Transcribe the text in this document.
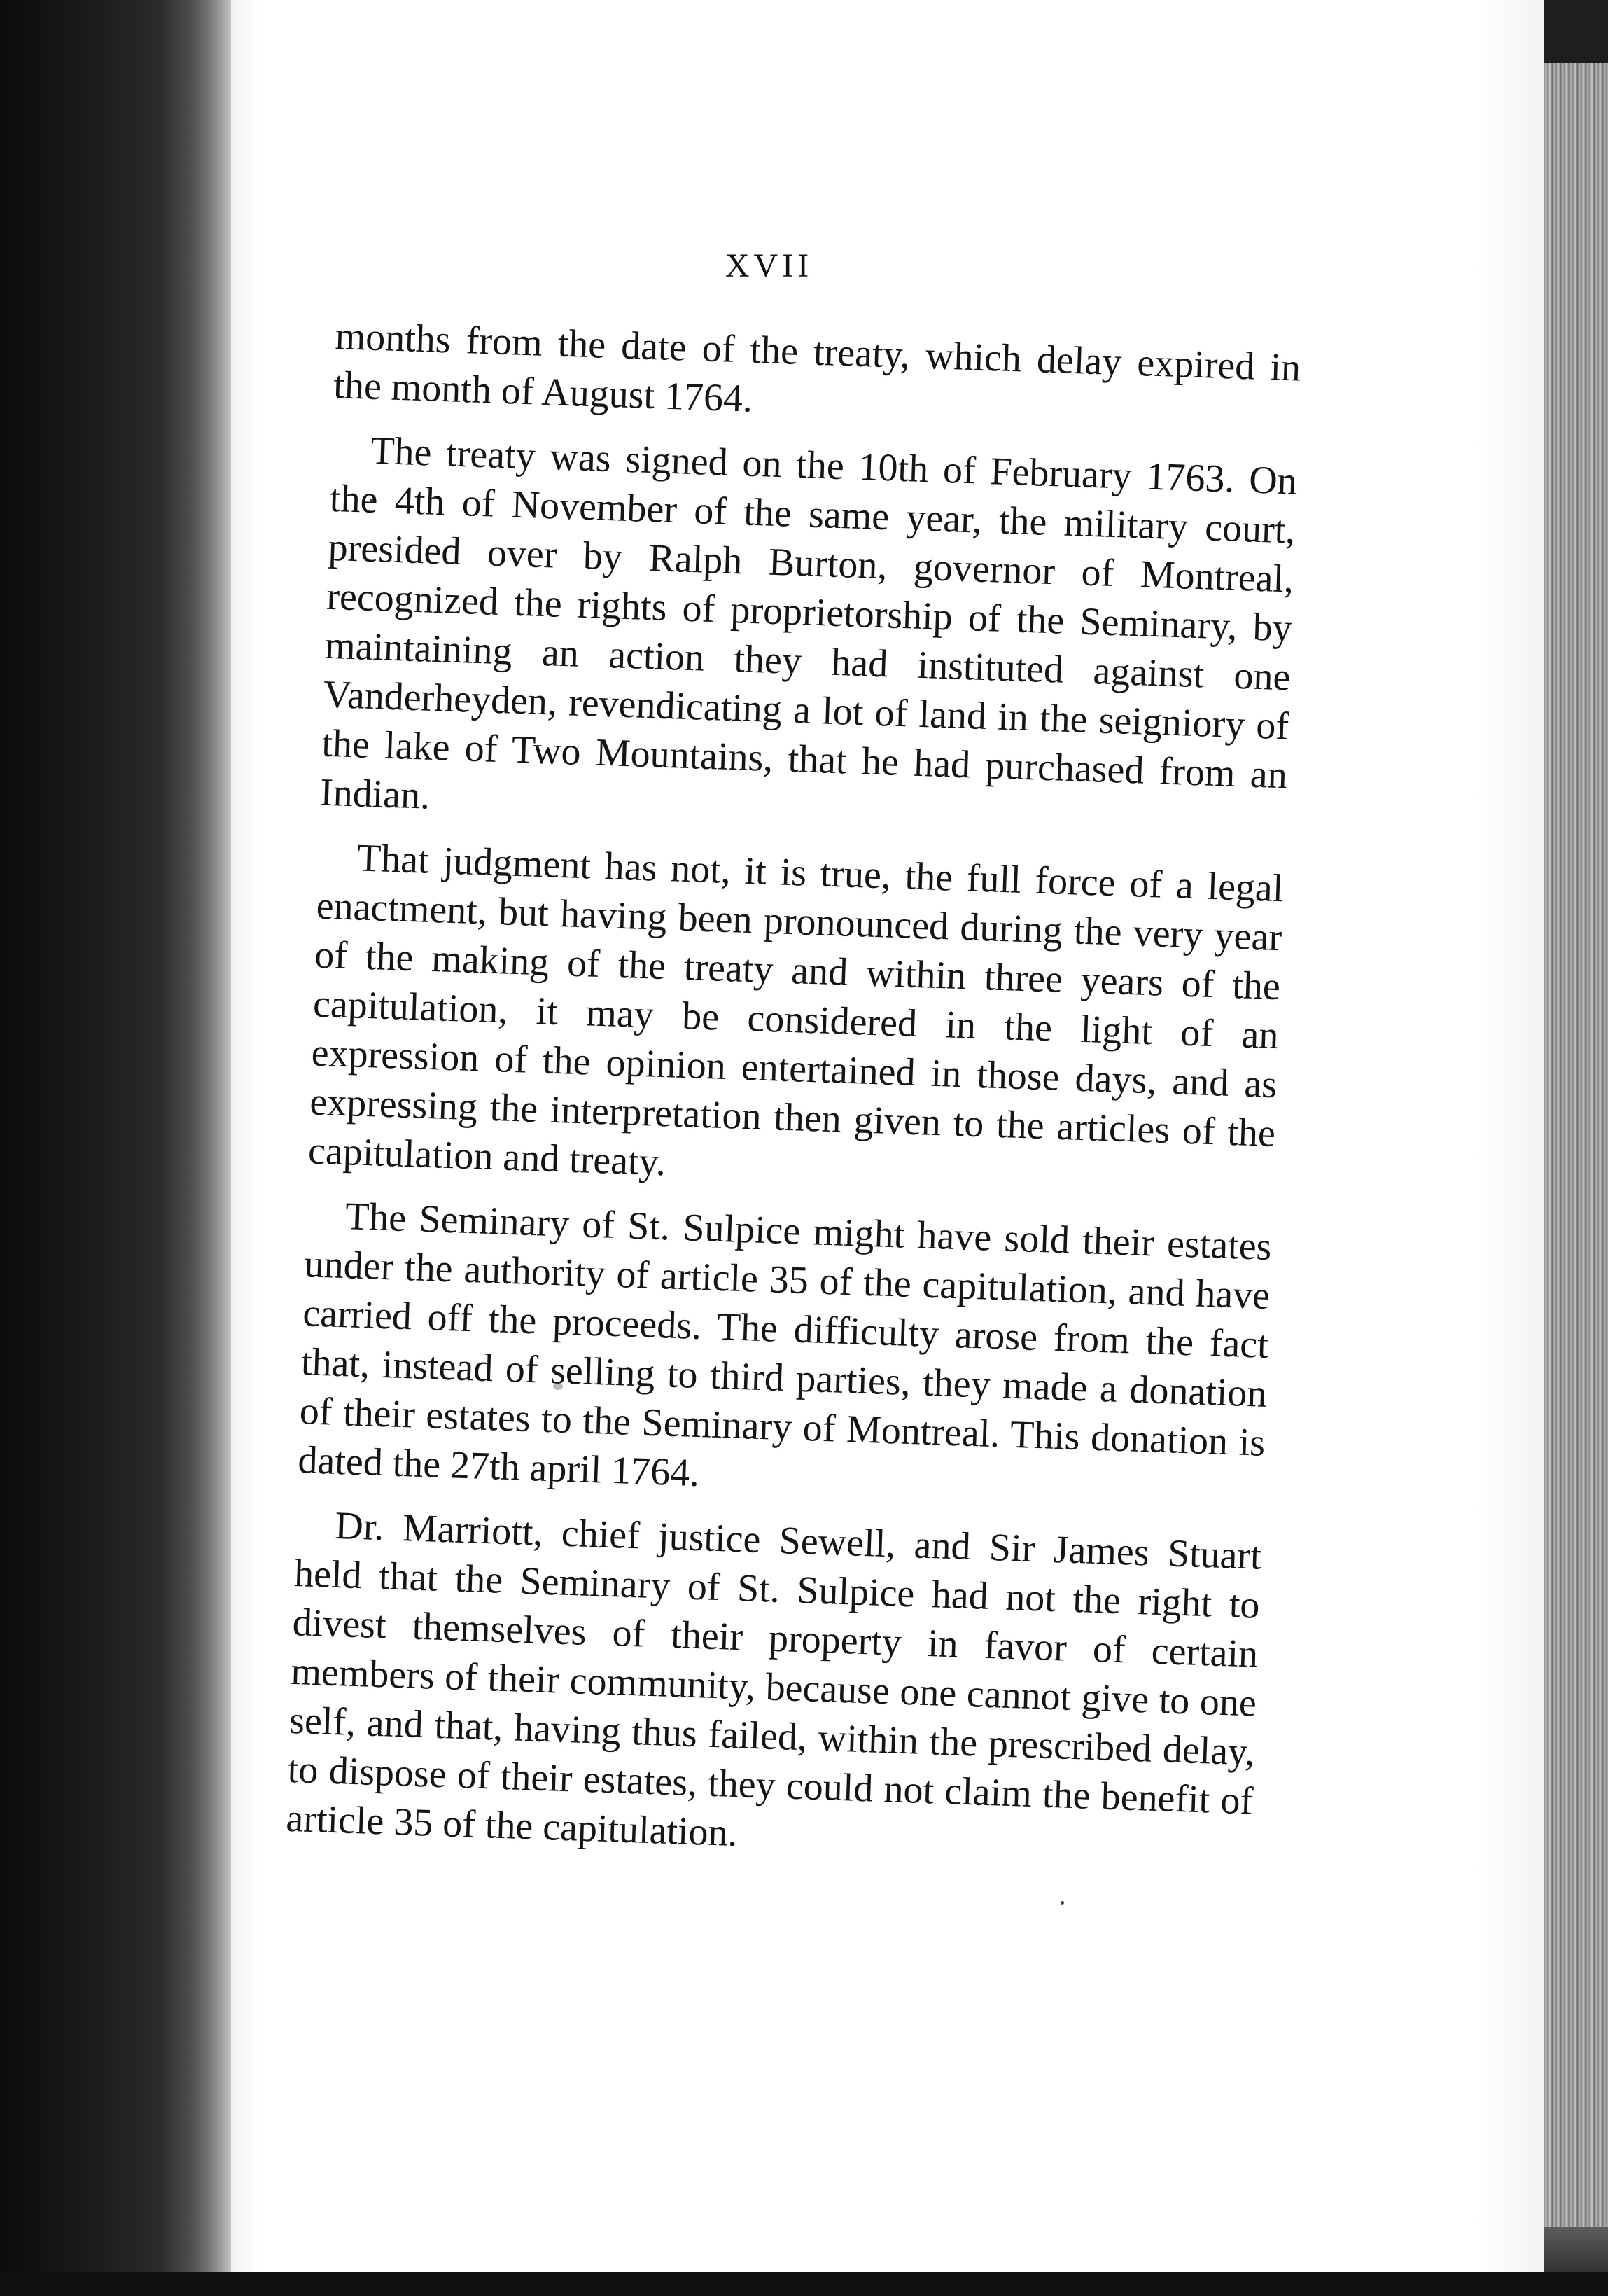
XVII

months from the date of the treaty, which delay expired in the month of August 1764.

The treaty was signed on the 10th of February 1763. On the 4th of November of the same year, the military court, presided over by Ralph Burton, governor of Montreal, recognized the rights of proprietorship of the Seminary, by maintaining an action they had instituted against one Vanderheyden, revendicating a lot of land in the seigniory of the lake of Two Mountains, that he had purchased from an Indian.

That judgment has not, it is true, the full force of a legal enactment, but having been pronounced during the very year of the making of the treaty and within three years of the capitulation, it may be considered in the light of an expression of the opinion entertained in those days, and as expressing the interpretation then given to the articles of the capitulation and treaty.

The Seminary of St. Sulpice might have sold their estates under the authority of article 35 of the capitulation, and have carried off the proceeds. The difficulty arose from the fact that, instead of selling to third parties, they made a donation of their estates to the Seminary of Montreal. This donation is dated the 27th april 1764.

Dr. Marriott, chief justice Sewell, and Sir James Stuart held that the Seminary of St. Sulpice had not the right to divest themselves of their property in favor of certain members of their community, because one cannot give to one self, and that, having thus failed, within the prescribed delay, to dispose of their estates, they could not claim the benefit of article 35 of the capitulation.
